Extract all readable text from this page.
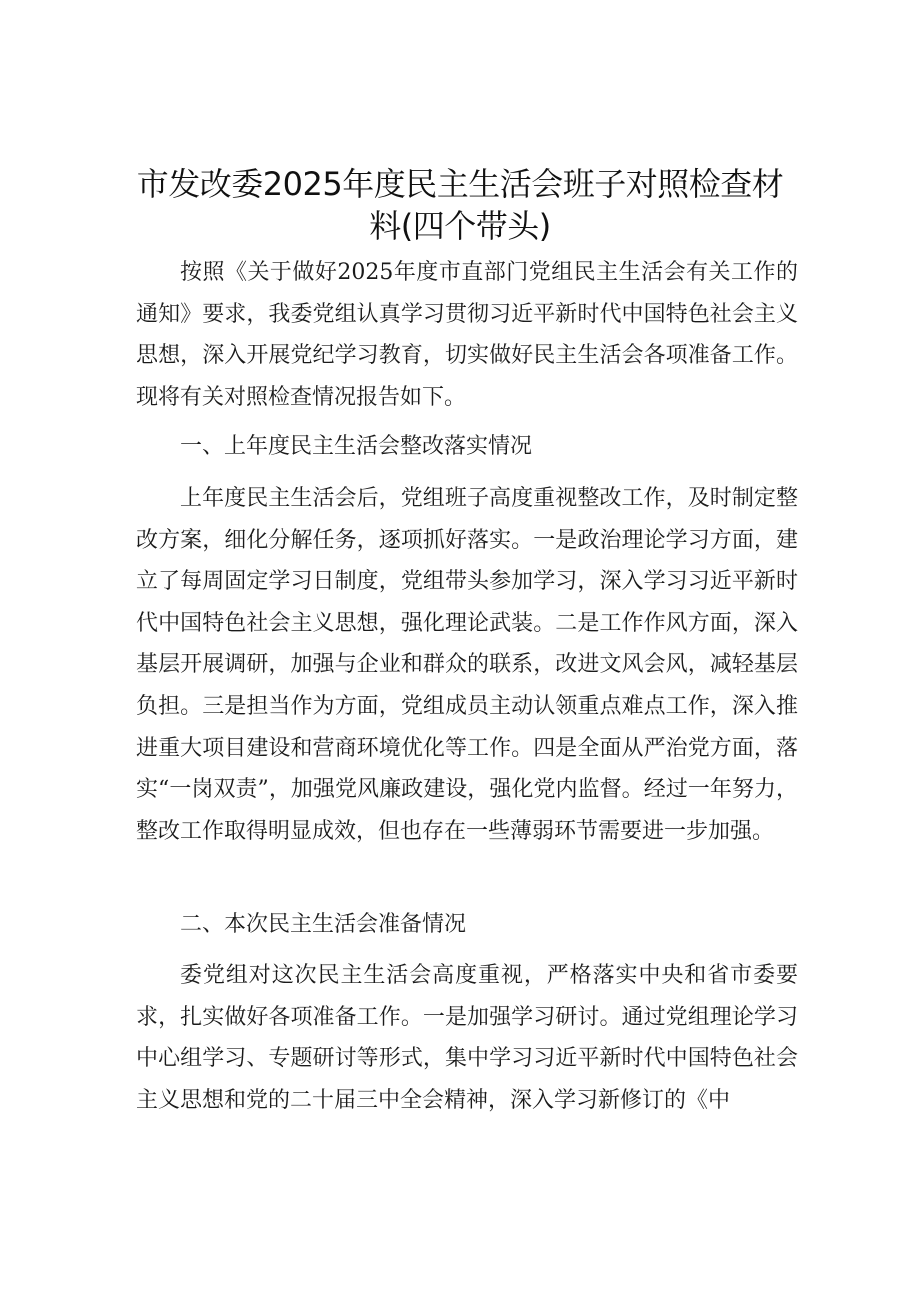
市发改委2025年度民主生活会班子对照检查材料(四个带头)

按照《关于做好2025年度市直部门党组民主生活会有关工作的通知》要求，我委党组认真学习贯彻习近平新时代中国特色社会主义思想，深入开展党纪学习教育，切实做好民主生活会各项准备工作。现将有关对照检查情况报告如下。

一、上年度民主生活会整改落实情况

上年度民主生活会后，党组班子高度重视整改工作，及时制定整改方案，细化分解任务，逐项抓好落实。一是政治理论学习方面，建立了每周固定学习日制度，党组带头参加学习，深入学习习近平新时代中国特色社会主义思想，强化理论武装。二是工作作风方面，深入基层开展调研，加强与企业和群众的联系，改进文风会风，减轻基层负担。三是担当作为方面，党组成员主动认领重点难点工作，深入推进重大项目建设和营商环境优化等工作。四是全面从严治党方面，落实“一岗双责”，加强党风廉政建设，强化党内监督。经过一年努力，整改工作取得明显成效，但也存在一些薄弱环节需要进一步加强。

二、本次民主生活会准备情况

委党组对这次民主生活会高度重视，严格落实中央和省市委要求，扎实做好各项准备工作。一是加强学习研讨。通过党组理论学习中心组学习、专题研讨等形式，集中学习习近平新时代中国特色社会主义思想和党的二十届三中全会精神，深入学习新修订的《中
